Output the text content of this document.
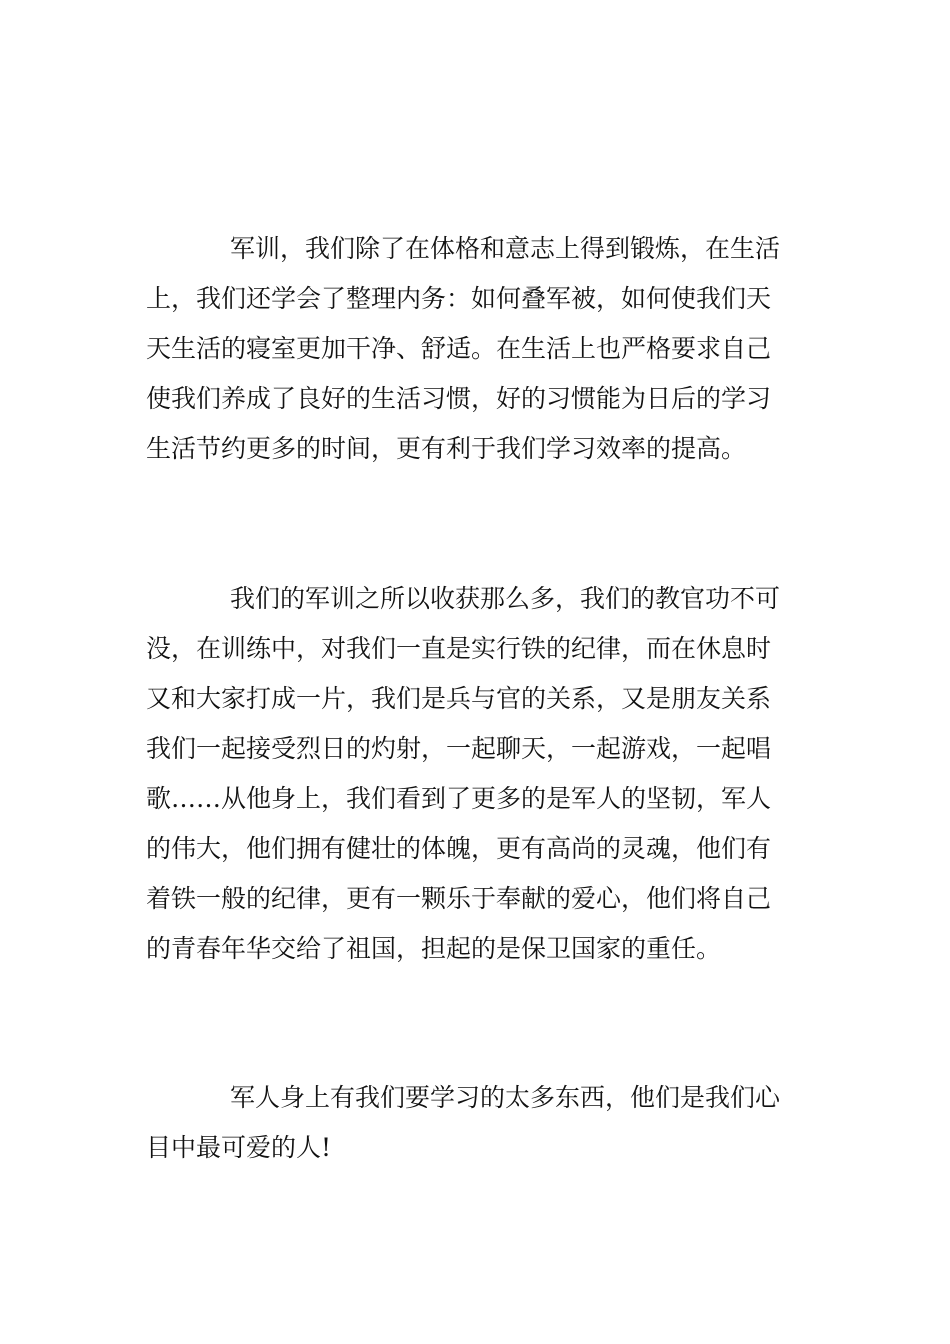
军训，我们除了在体格和意志上得到锻炼，在生活
上，我们还学会了整理内务：如何叠军被，如何使我们天
天生活的寝室更加干净、舒适。在生活上也严格要求自己
使我们养成了良好的生活习惯，好的习惯能为日后的学习
生活节约更多的时间，更有利于我们学习效率的提高。
我们的军训之所以收获那么多，我们的教官功不可
没，在训练中，对我们一直是实行铁的纪律，而在休息时
又和大家打成一片，我们是兵与官的关系，又是朋友关系
我们一起接受烈日的灼射，一起聊天，一起游戏，一起唱
歌……从他身上，我们看到了更多的是军人的坚韧，军人
的伟大，他们拥有健壮的体魄，更有高尚的灵魂，他们有
着铁一般的纪律，更有一颗乐于奉献的爱心，他们将自己
的青春年华交给了祖国，担起的是保卫国家的重任。
军人身上有我们要学习的太多东西，他们是我们心
目中最可爱的人!
